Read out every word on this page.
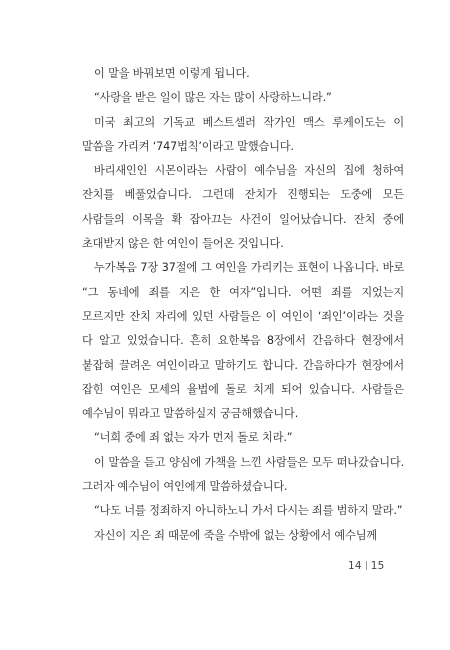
이 말을 바꿔보면 이렇게 됩니다.

“사랑을 받은 일이 많은 자는 많이 사랑하느니라.”

미국 최고의 기독교 베스트셀러 작가인 맥스 루케이도는 이 말씀을 가리켜 ‘747법칙’이라고 말했습니다.

바리새인인 시몬이라는 사람이 예수님을 자신의 집에 청하여 잔치를 베풀었습니다. 그런데 잔치가 진행되는 도중에 모든 사람들의 이목을 확 잡아끄는 사건이 일어났습니다. 잔치 중에 초대받지 않은 한 여인이 들어온 것입니다.

누가복음 7장 37절에 그 여인을 가리키는 표현이 나옵니다. 바로 “그 동네에 죄를 지은 한 여자”입니다. 어떤 죄를 지었는지 모르지만 잔치 자리에 있던 사람들은 이 여인이 ‘죄인’이라는 것을 다 알고 있었습니다. 흔히 요한복음 8장에서 간음하다 현장에서 붙잡혀 끌려온 여인이라고 말하기도 합니다. 간음하다가 현장에서 잡힌 여인은 모세의 율법에 돌로 치게 되어 있습니다. 사람들은 예수님이 뭐라고 말씀하실지 궁금해했습니다.

“너희 중에 죄 없는 자가 먼저 돌로 치라.”

이 말씀을 듣고 양심에 가책을 느낀 사람들은 모두 떠나갔습니다. 그러자 예수님이 여인에게 말씀하셨습니다.

“나도 너를 정죄하지 아니하노니 가서 다시는 죄를 범하지 말라.”

자신이 지은 죄 때문에 죽을 수밖에 없는 상황에서 예수님께

14 15
